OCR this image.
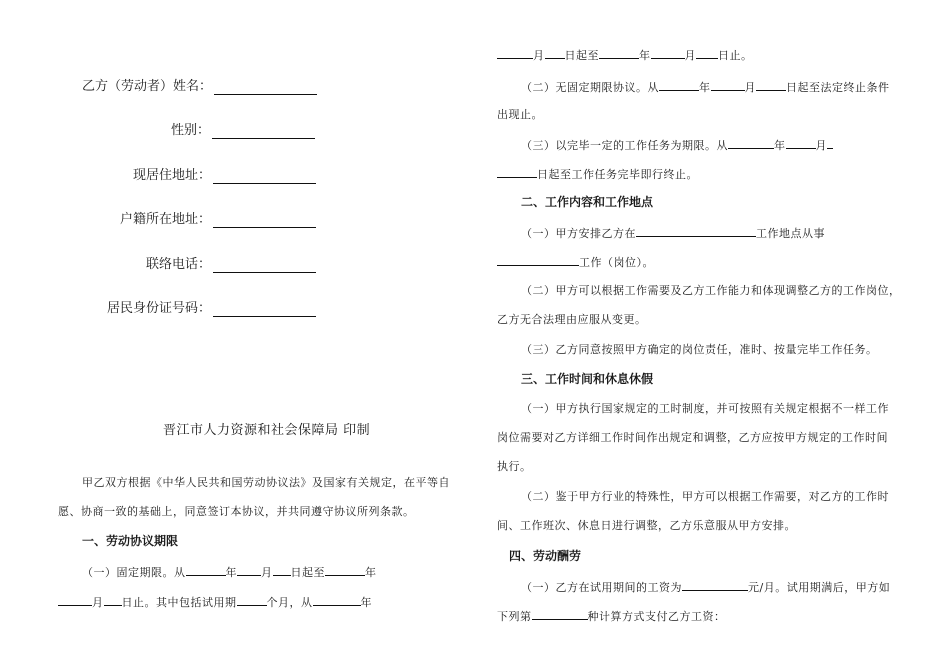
乙方（劳动者）姓名：
性别：
现居住地址：
户籍所在地址：
联络电话：
居民身份证号码：
晋江市人力资源和社会保障局 印制
甲乙双方根据《中华人民共和国劳动协议法》及国家有关规定，在平等自
愿、协商一致的基础上，同意签订本协议，并共同遵守协议所列条款。
一、劳动协议期限
（一）固定期限。从	年 月 日起至	年
月 日止。其中包括试用期	个月，从	年
月 日起至	年	月 日止。
（二）无固定期限协议。从	年	月	日起至法定终止条件
出现止。
（三）以完毕一定的工作任务为期限。从	年	月
日起至工作任务完毕即行终止。
二、工作内容和工作地点
（一）甲方安排乙方在	工作地点从事
工作（岗位）。
（二）甲方可以根据工作需要及乙方工作能力和体现调整乙方的工作岗位，
乙方无合法理由应服从变更。
（三）乙方同意按照甲方确定的岗位责任，准时、按量完毕工作任务。
三、工作时间和休息休假
（一）甲方执行国家规定的工时制度，并可按照有关规定根据不一样工作
岗位需要对乙方详细工作时间作出规定和调整，乙方应按甲方规定的工作时间
执行。
（二）鉴于甲方行业的特殊性，甲方可以根据工作需要，对乙方的工作时
间、工作班次、休息日进行调整，乙方乐意服从甲方安排。
四、劳动酬劳
（一）乙方在试用期间的工资为	元/月。试用期满后，甲方如
下列第	种计算方式支付乙方工资：
